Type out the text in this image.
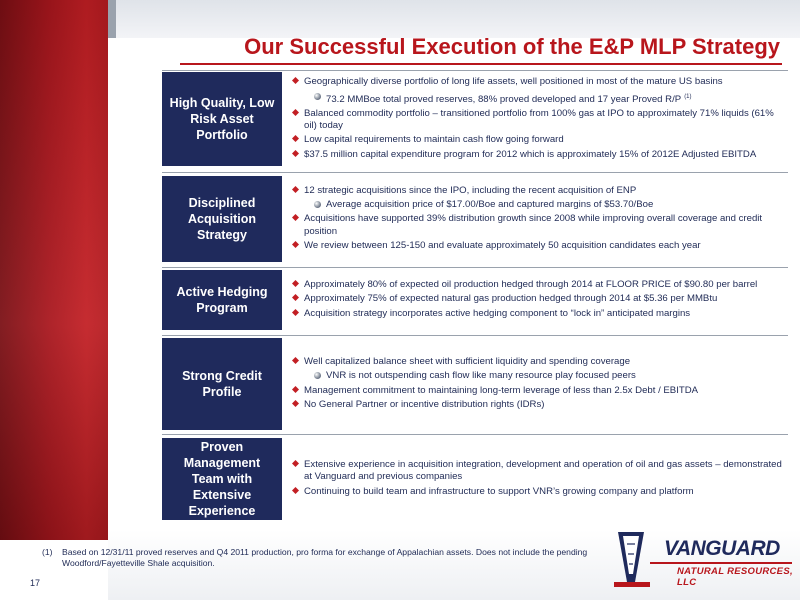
Our Successful Execution of the E&P MLP Strategy
High Quality, Low Risk Asset Portfolio
Geographically diverse portfolio of long life assets, well positioned in most of the mature US basins
73.2 MMBoe total proved reserves, 88% proved developed and 17 year Proved R/P $^{(1)}$
Balanced commodity portfolio – transitioned portfolio from 100% gas at IPO to approximately 71% liquids (61% oil) today
Low capital requirements to maintain cash flow going forward
$37.5 million capital expenditure program for 2012 which is approximately 15% of 2012E Adjusted EBITDA
Disciplined Acquisition Strategy
12 strategic acquisitions since the IPO, including the recent acquisition of ENP
Average acquisition price of $17.00/Boe and captured margins of $53.70/Boe
Acquisitions have supported 39% distribution growth since 2008 while improving overall coverage and credit position
We review between 125-150 and evaluate approximately 50 acquisition candidates each year
Active Hedging Program
Approximately 80% of expected oil production hedged through 2014 at FLOOR PRICE of $90.80 per barrel
Approximately 75% of expected natural gas production hedged through 2014 at $5.36 per MMBtu
Acquisition strategy incorporates active hedging component to “lock in” anticipated margins
Strong Credit Profile
Well capitalized balance sheet with sufficient liquidity and spending coverage
VNR is not outspending cash flow like many resource play focused peers
Management commitment to maintaining long-term leverage of less than 2.5x Debt / EBITDA
No General Partner or incentive distribution rights (IDRs)
Proven Management Team with Extensive Experience
Extensive experience in acquisition integration, development and operation of oil and gas assets – demonstrated at Vanguard and previous companies
Continuing to build team and infrastructure to support VNR’s growing company and platform
(1)	Based on 12/31/11 proved reserves and Q4 2011 production, pro forma for exchange of Appalachian assets. Does not include the pending Woodford/Fayetteville Shale acquisition.
17
VANGUARD
NATURAL RESOURCES, LLC
